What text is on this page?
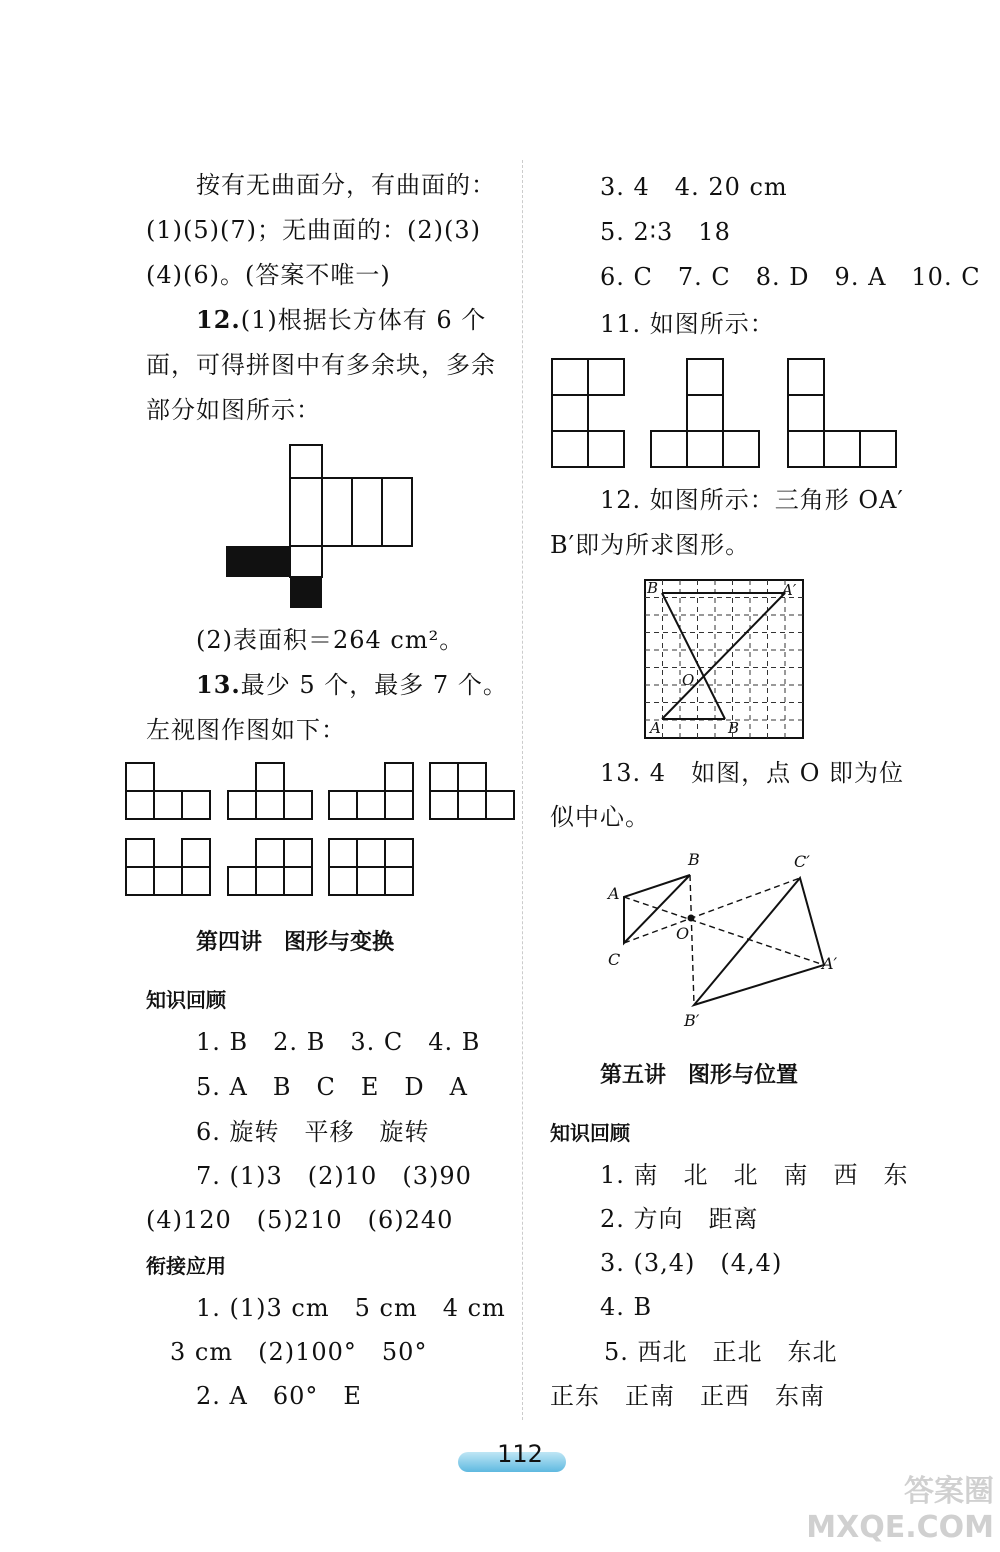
按有无曲面分，有曲面的：
(1)(5)(7)；无曲面的：(2)(3)
(4)(6)。(答案不唯一)
12.(1)根据长方体有 6 个
面，可得拼图中有多余块，多余
部分如图所示：
(2)表面积＝264 cm²。
13.最少 5 个，最多 7 个。
左视图作图如下：
第四讲　图形与变换
知识回顾
1. B　2. B　3. C　4. B
5. A　B　C　E　D　A
6. 旋转　平移　旋转
7. (1)3　(2)10　(3)90
(4)120　(5)210　(6)240
衔接应用
1. (1)3 cm　5 cm　4 cm
3 cm　(2)100°　50°
2. A　60°　E
3. 4　4. 20 cm
5. 2∶3　18
6. C　7. C　8. D　9. A　10. C
11. 如图所示：
12. 如图所示：三角形 OA′
B′即为所求图形。
B	A′
O
A	B
13. 4　如图，点 O 即为位
似中心。
B	C′
A
O
C	A′
B′
第五讲　图形与位置
知识回顾
1. 南　北　北　南　西　东
2. 方向　距离
3. (3,4)　(4,4)
4. B
5. 西北　正北　东北
正东　正南　正西　东南
112
答案圈
MXQE.COM
